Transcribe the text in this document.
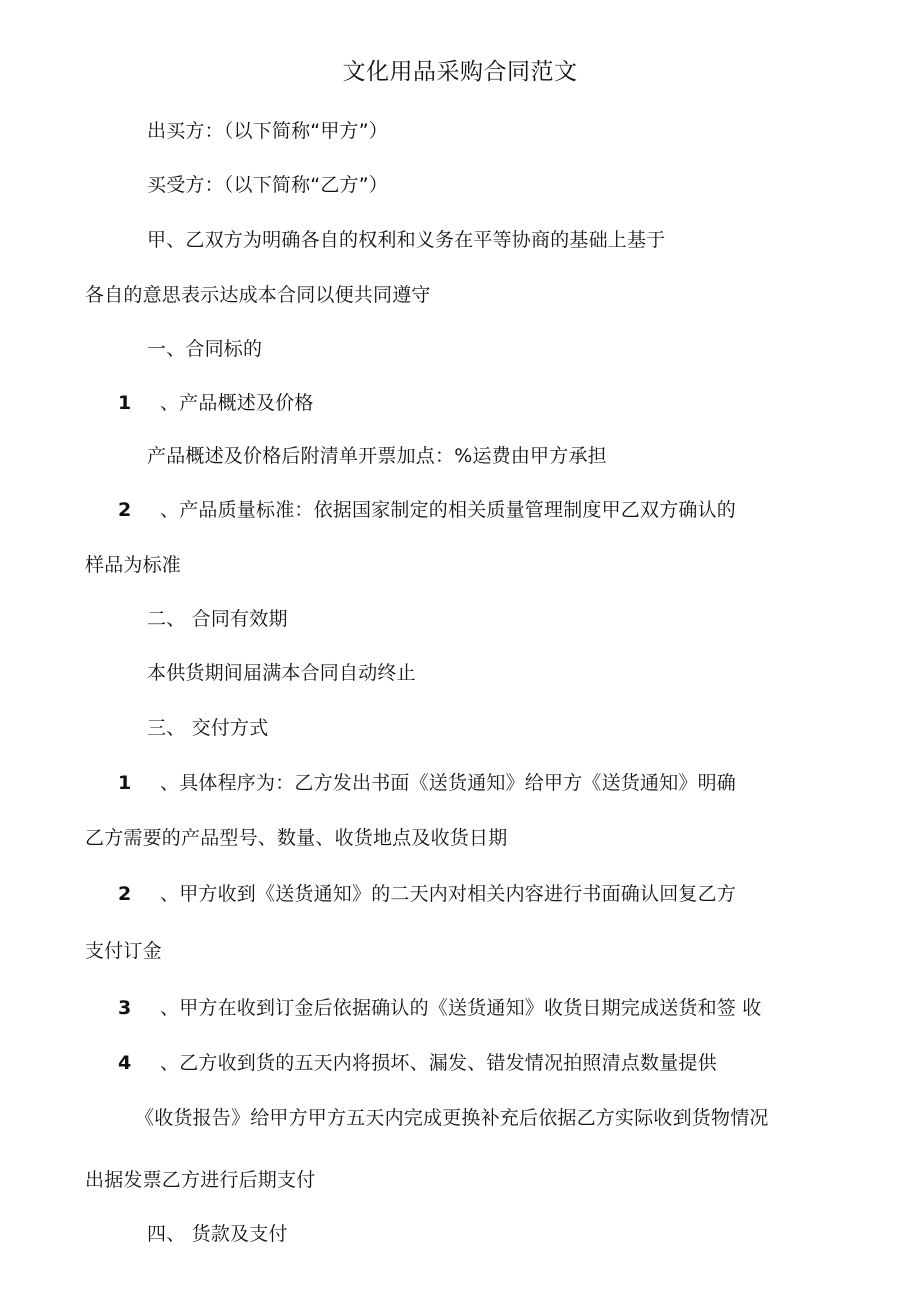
文化用品采购合同范文
出买方：（以下简称“甲方”）
买受方：（以下简称“乙方”）
甲、乙双方为明确各自的权利和义务在平等协商的基础上基于
各自的意思表示达成本合同以便共同遵守
一、合同标的
1 、产品概述及价格
产品概述及价格后附清单开票加点：%运费由甲方承担
2 、产品质量标准：依据国家制定的相关质量管理制度甲乙双方确认的
样品为标准
二、 合同有效期
本供货期间届满本合同自动终止
三、 交付方式
1 、具体程序为：乙方发出书面《送货通知》给甲方《送货通知》明确
乙方需要的产品型号、数量、收货地点及收货日期
2 、甲方收到《送货通知》的二天内对相关内容进行书面确认回复乙方
支付订金
3 、甲方在收到订金后依据确认的《送货通知》收货日期完成送货和签 收
4 、乙方收到货的五天内将损坏、漏发、错发情况拍照清点数量提供
《收货报告》给甲方甲方五天内完成更换补充后依据乙方实际收到货物情况
出据发票乙方进行后期支付
四、 货款及支付
